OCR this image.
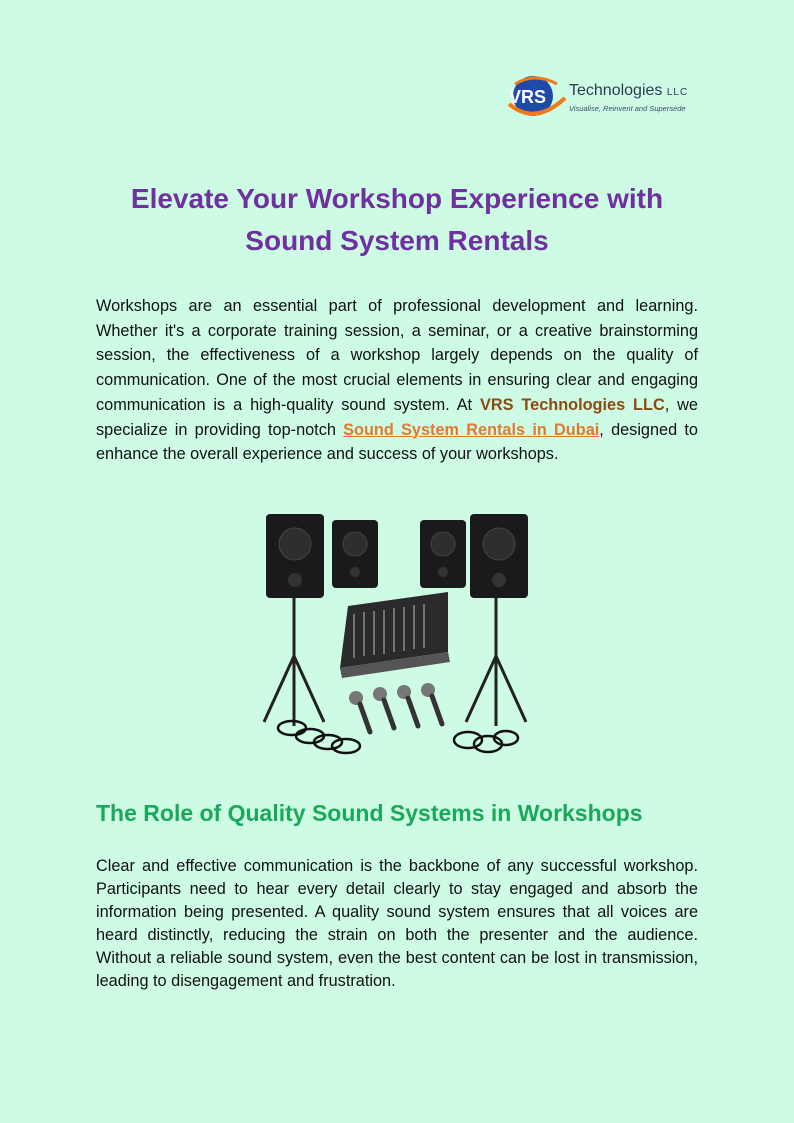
VRS Technologies LLC
Visualise, Reinvent and Supersede
Elevate Your Workshop Experience with Sound System Rentals

Workshops are an essential part of professional development and learning. Whether it's a corporate training session, a seminar, or a creative brainstorming session, the effectiveness of a workshop largely depends on the quality of communication. One of the most crucial elements in ensuring clear and engaging communication is a high-quality sound system. At VRS Technologies LLC, we specialize in providing top-notch Sound System Rentals in Dubai, designed to enhance the overall experience and success of your workshops.

The Role of Quality Sound Systems in Workshops

Clear and effective communication is the backbone of any successful workshop. Participants need to hear every detail clearly to stay engaged and absorb the information being presented. A quality sound system ensures that all voices are heard distinctly, reducing the strain on both the presenter and the audience. Without a reliable sound system, even the best content can be lost in transmission, leading to disengagement and frustration.
